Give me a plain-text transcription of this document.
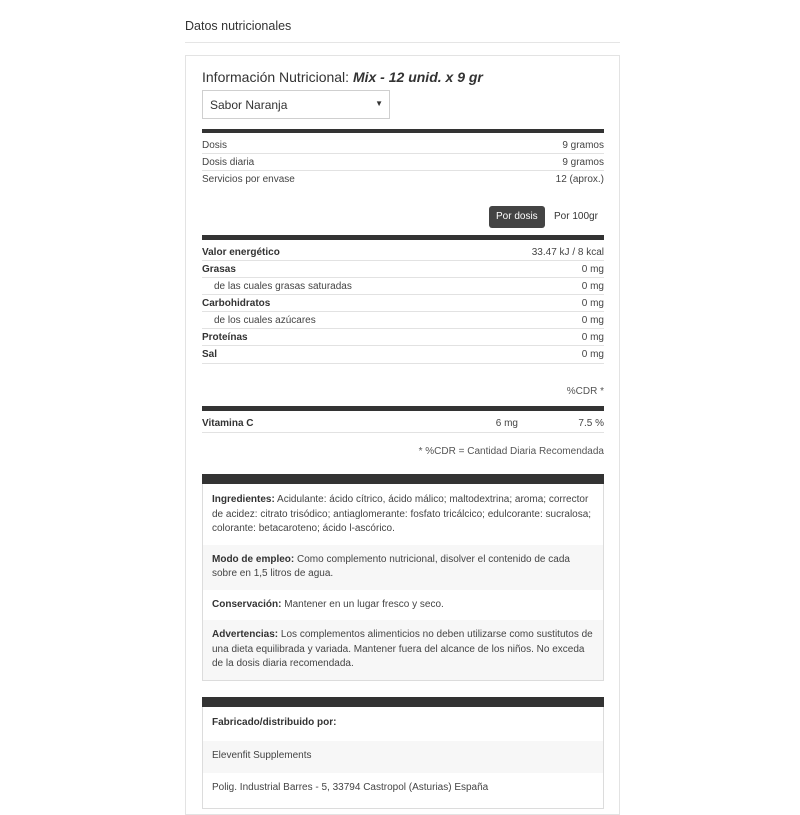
Datos nutricionales
Información Nutricional: Mix - 12 unid. x 9 gr
Sabor Naranja	▼
Dosis	9 gramos
Dosis diaria	9 gramos
Servicios por envase	12 (aprox.)
Por dosis	Por 100gr
Valor energético	33.47 kJ / 8 kcal
Grasas	0 mg
de las cuales grasas saturadas	0 mg
Carbohidratos	0 mg
de los cuales azúcares	0 mg
Proteínas	0 mg
Sal	0 mg
%CDR *
Vitamina C	6 mg	7.5 %
* %CDR = Cantidad Diaria Recomendada
Ingredientes: Acidulante: ácido cítrico, ácido málico; maltodextrina; aroma; corrector de acidez: citrato trisódico; antiaglomerante: fosfato tricálcico; edulcorante: sucralosa; colorante: betacaroteno; ácido l-ascórico.
Modo de empleo: Como complemento nutricional, disolver el contenido de cada sobre en 1,5 litros de agua.
Conservación: Mantener en un lugar fresco y seco.
Advertencias: Los complementos alimenticios no deben utilizarse como sustitutos de una dieta equilibrada y variada. Mantener fuera del alcance de los niños. No exceda de la dosis diaria recomendada.
Fabricado/distribuido por:
Elevenfit Supplements
Polig. Industrial Barres - 5, 33794 Castropol (Asturias) España
